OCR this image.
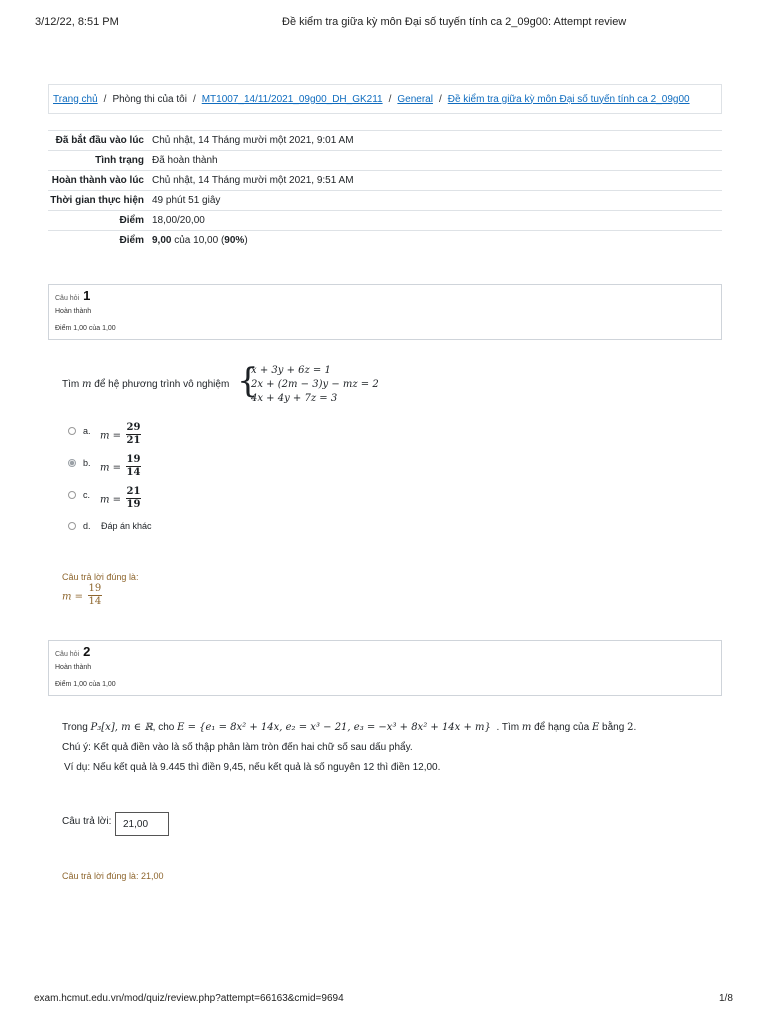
3/12/22, 8:51 PM	Đề kiểm tra giữa kỳ môn Đại số tuyến tính ca 2_09g00: Attempt review
Trang chủ / Phòng thi của tôi / MT1007_14/11/2021_09g00_DH_GK211 / General / Đề kiểm tra giữa kỳ môn Đại số tuyến tính ca 2_09g00
Đã bắt đầu vào lúc	Chủ nhật, 14 Tháng mười một 2021, 9:01 AM
Tình trạng	Đã hoàn thành
Hoàn thành vào lúc	Chủ nhật, 14 Tháng mười một 2021, 9:51 AM
Thời gian thực hiện	49 phút 51 giây
Điểm	18,00/20,00
Điểm	9,00 của 10,00 (90%)
Câu hỏi 1
Hoàn thành
Điểm 1,00 của 1,00
Tìm m để hệ phương trình vô nghiệm {
x + 3y + 6z = 1
2x + (2m − 3)y − mz = 2
4x + 4y + 7z = 3
a. $m = \frac{29}{21}$
b. $m = \frac{19}{14}$
c. $m = \frac{21}{19}$
d. Đáp án khác
Câu trả lời đúng là:
$m = \frac{19}{14}$
Câu hỏi 2
Hoàn thành
Điểm 1,00 của 1,00
Trong P₃[x], m ∈ ℝ, cho E = {e₁ = 8x² + 14x, e₂ = x³ − 21, e₃ = −x³ + 8x² + 14x + m} . Tìm m để hạng của E bằng 2.
Chú ý: Kết quả điền vào là số thập phân làm tròn đến hai chữ số sau dấu phẩy.
Ví dụ: Nếu kết quả là 9.445 thì điền 9,45, nếu kết quả là số nguyên 12 thì điền 12,00.
Câu trả lời:	21,00
Câu trả lời đúng là: 21,00
exam.hcmut.edu.vn/mod/quiz/review.php?attempt=66163&cmid=9694	1/8
